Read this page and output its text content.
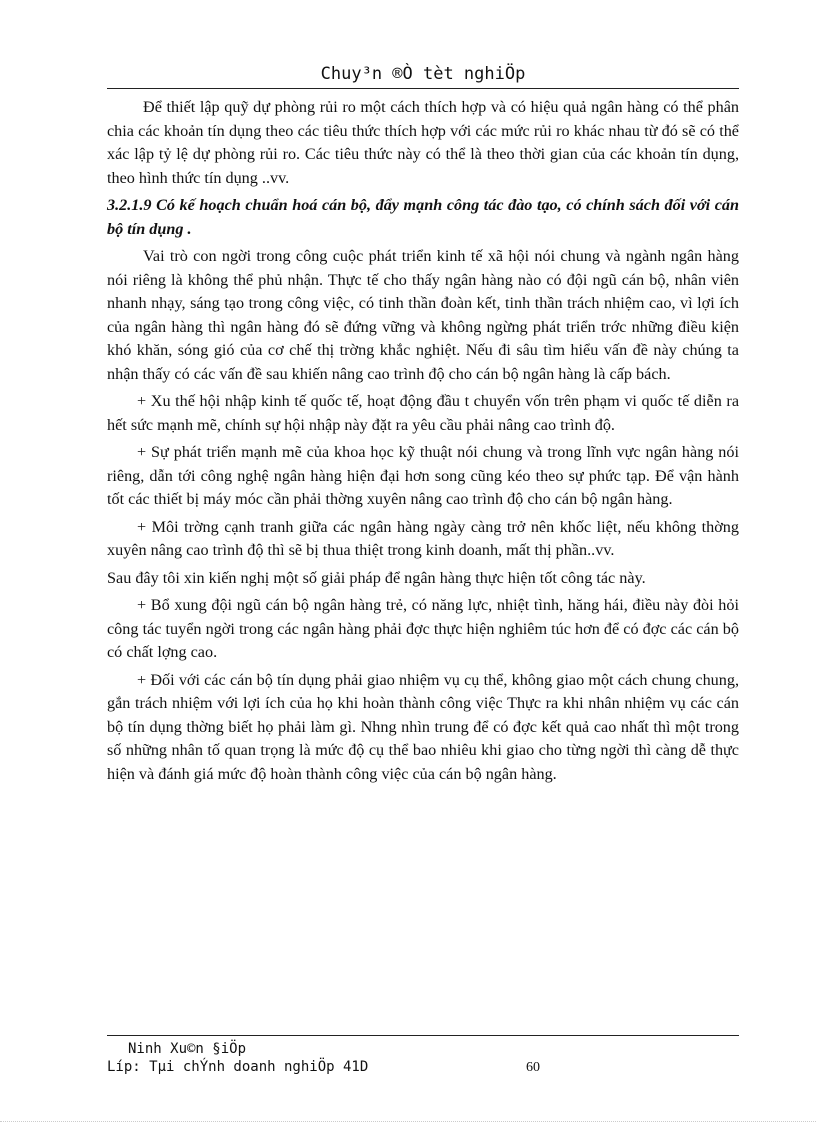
Chuy³n ®Ò tèt nghiÖp

Để thiết lập quỹ dự phòng rủi ro một cách thích hợp và có hiệu quả ngân hàng có thể phân chia các khoản tín dụng theo các tiêu thức thích hợp với các mức rủi ro khác nhau từ đó sẽ có thể xác lập tỷ lệ dự phòng rủi ro. Các tiêu thức này có thể là theo thời gian của các khoản tín dụng, theo hình thức tín dụng ..vv.

3.2.1.9 Có kế hoạch chuẩn hoá cán bộ, đẩy mạnh công tác đào tạo, có chính sách đối với cán bộ tín dụng .

Vai trò con ngời trong công cuộc phát triển kinh tế xã hội nói chung và ngành ngân hàng nói riêng là không thể phủ nhận. Thực tế cho thấy ngân hàng nào có đội ngũ cán bộ, nhân viên nhanh nhạy, sáng tạo trong công việc, có tinh thần đoàn kết, tinh thần trách nhiệm cao, vì lợi ích của ngân hàng thì ngân hàng đó sẽ đứng vững và không ngừng phát triển trớc những điều kiện khó khăn, sóng gió của cơ chế thị trờng khắc nghiệt. Nếu đi sâu tìm hiểu vấn đề này chúng ta nhận thấy có các vấn đề sau khiến nâng cao trình độ cho cán bộ ngân hàng là cấp bách.

+ Xu thế hội nhập kinh tế quốc tế, hoạt động đầu t chuyển vốn trên phạm vi quốc tế diễn ra hết sức mạnh mẽ, chính sự hội nhập này đặt ra yêu cầu phải nâng cao trình độ.

+ Sự phát triển mạnh mẽ của khoa học kỹ thuật nói chung và trong lĩnh vực ngân hàng nói riêng, dẫn tới công nghệ ngân hàng hiện đại hơn song cũng kéo theo sự phức tạp. Để vận hành tốt các thiết bị máy móc cần phải thờng xuyên nâng cao trình độ cho cán bộ ngân hàng.

+ Môi trờng cạnh tranh giữa các ngân hàng ngày càng trở nên khốc liệt, nếu không thờng xuyên nâng cao trình độ thì sẽ bị thua thiệt trong kinh doanh, mất thị phần..vv.

Sau đây tôi xin kiến nghị một số giải pháp để ngân hàng thực hiện tốt công tác này.

+ Bổ xung đội ngũ cán bộ ngân hàng trẻ, có năng lực, nhiệt tình, hăng hái, điều này đòi hỏi công tác tuyển ngời trong các ngân hàng phải đợc thực hiện nghiêm túc hơn để có đợc các cán bộ có chất lợng cao.

+ Đối với các cán bộ tín dụng phải giao nhiệm vụ cụ thể, không giao một cách chung chung, gắn trách nhiệm với lợi ích của họ khi hoàn thành công việc Thực ra khi nhân nhiệm vụ các cán bộ tín dụng thờng biết họ phải làm gì. Nhng nhìn trung để có đợc kết quả cao nhất thì một trong số những nhân tố quan trọng là mức độ cụ thể bao nhiêu khi giao cho từng ngời thì càng dễ thực hiện và đánh giá mức độ hoàn thành công việc của cán bộ ngân hàng.

Ninh Xu©n §iÖp
Líp: Tµi chÝnh doanh nghiÖp 41D	60
